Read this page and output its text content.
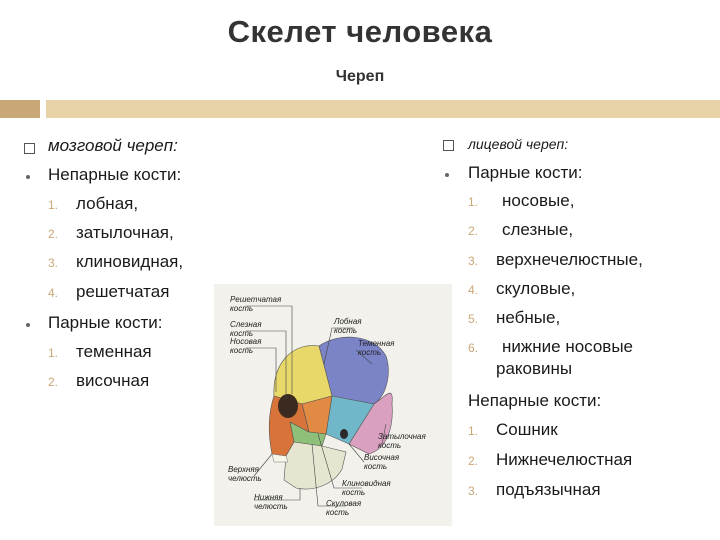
Скелет человека
Череп
мозговой череп:
Непарные кости:
1. лобная,
2. затылочная,
3. клиновидная,
4. решетчатая
Парные кости:
1. теменная
2. височная
лицевой череп:
Парные кости:
1. носовые,
2. слезные,
3. верхнечелюстные,
4. скуловые,
5. небные,
6. нижние носовые
раковины
Непарные кости:
1. Сошник
2. Нижнечелюстная
3. подъязычная
Решетчатая
кость
Слезная
кость
Носовая
кость
Лобная
кость
Теменная
кость
Затылочная
кость
Височная
кость
Клиновидная
кость
Верхняя
челюсть
Нижняя
челюсть	Скуловая
кость
